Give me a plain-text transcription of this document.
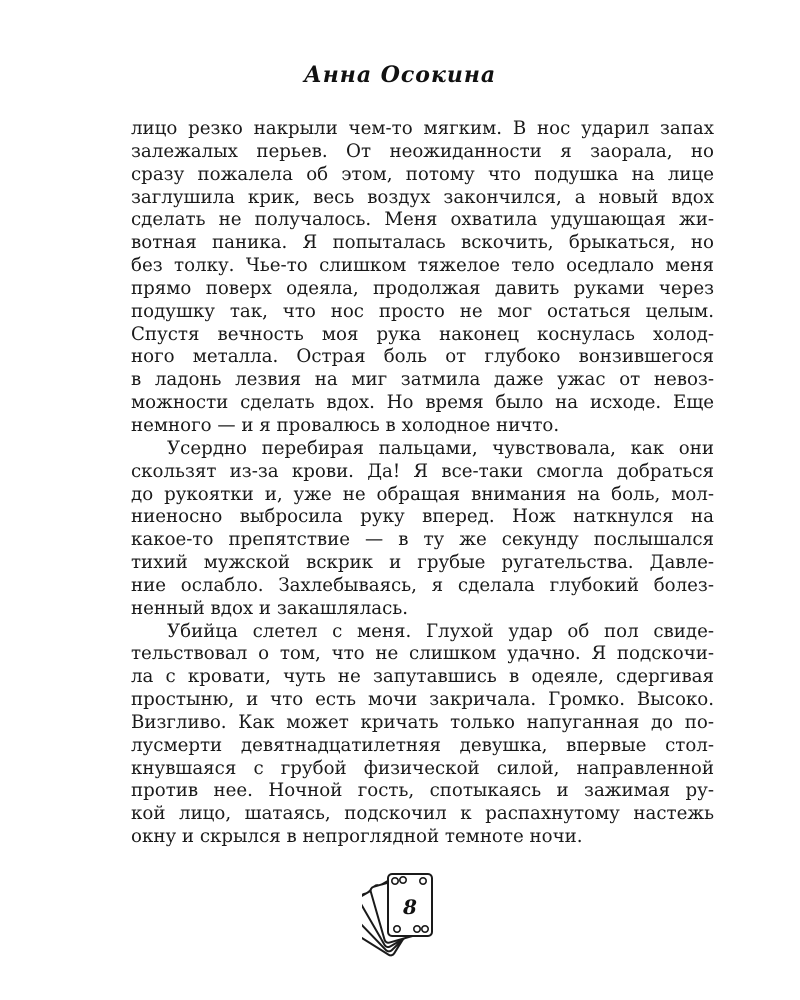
Анна Осокина
лицо резко накрыли чем-то мягким. В нос ударил запах
залежалых перьев. От неожиданности я заорала, но
сразу пожалела об этом, потому что подушка на лице
заглушила крик, весь воздух закончился, а новый вдох
сделать не получалось. Меня охватила удушающая жи-
вотная паника. Я попыталась вскочить, брыкаться, но
без толку. Чье-то слишком тяжелое тело оседлало меня
прямо поверх одеяла, продолжая давить руками через
подушку так, что нос просто не мог остаться целым.
Спустя вечность моя рука наконец коснулась холод-
ного металла. Острая боль от глубоко вонзившегося
в ладонь лезвия на миг затмила даже ужас от невоз-
можности сделать вдох. Но время было на исходе. Еще
немного — и я провалюсь в холодное ничто.
Усердно перебирая пальцами, чувствовала, как они
скользят из-за крови. Да! Я все-таки смогла добраться
до рукоятки и, уже не обращая внимания на боль, мол-
ниеносно выбросила руку вперед. Нож наткнулся на
какое-то препятствие — в ту же секунду послышался
тихий мужской вскрик и грубые ругательства. Давле-
ние ослабло. Захлебываясь, я сделала глубокий болез-
ненный вдох и закашлялась.
Убийца слетел с меня. Глухой удар об пол свиде-
тельствовал о том, что не слишком удачно. Я подскочи-
ла с кровати, чуть не запутавшись в одеяле, сдергивая
простыню, и что есть мочи закричала. Громко. Высоко.
Визгливо. Как может кричать только напуганная до по-
лусмерти девятнадцатилетняя девушка, впервые стол-
кнувшаяся с грубой физической силой, направленной
против нее. Ночной гость, спотыкаясь и зажимая ру-
кой лицо, шатаясь, подскочил к распахнутому настежь
окну и скрылся в непроглядной темноте ночи.
8
